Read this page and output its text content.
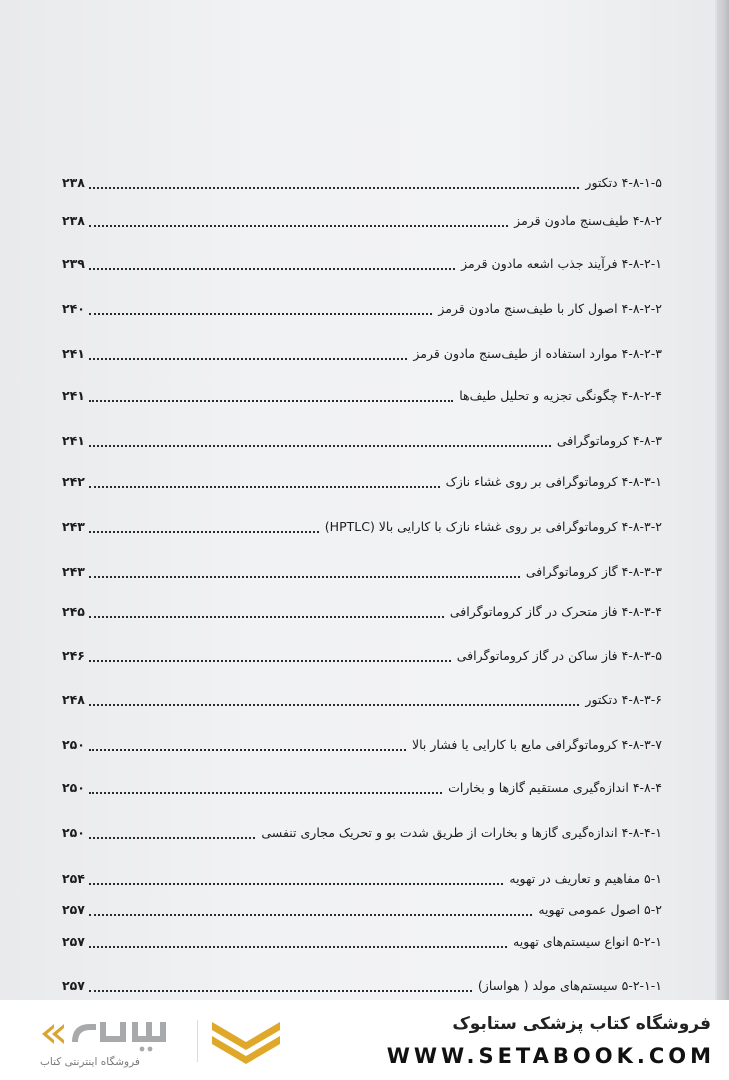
۲۳۸	۴-۸-۱-۵ دتکتور
۲۳۸	۴-۸-۲ طیف‌سنج مادون قرمز
۲۳۹	۴-۸-۲-۱ فرآیند جذب اشعه مادون قرمز
۲۴۰	۴-۸-۲-۲ اصول کار با طیف‌سنج مادون قرمز
۲۴۱	۴-۸-۲-۳ موارد استفاده از طیف‌سنج مادون قرمز
۲۴۱	۴-۸-۲-۴ چگونگی تجزیه و تحلیل طیف‌ها
۲۴۱	۴-۸-۳ کروماتوگرافی
۲۴۲	۴-۸-۳-۱ کروماتوگرافی بر روی غشاء نازک
۲۴۳	۴-۸-۳-۲ کروماتوگرافی بر روی غشاء نازک با کارایی بالا (HPTLC)
۲۴۳	۴-۸-۳-۳ گاز کروماتوگرافی
۲۴۵	۴-۸-۳-۴ فاز متحرک در گاز کروماتوگرافی
۲۴۶	۴-۸-۳-۵ فاز ساکن در گاز کروماتوگرافی
۲۴۸	۴-۸-۳-۶ دتکتور
۲۵۰	۴-۸-۳-۷ کروماتوگرافی مایع با کارایی یا فشار بالا
۲۵۰	۴-۸-۴ اندازه‌گیری مستقیم گازها و بخارات
۲۵۰	۴-۸-۴-۱ اندازه‌گیری گازها و بخارات از طریق شدت بو و تحریک مجاری تنفسی
۲۵۴	۵-۱ مفاهیم و تعاریف در تهویه
۲۵۷	۵-۲ اصول عمومی تهویه
۲۵۷	۵-۲-۱ انواع سیستم‌های تهویه
۲۵۷	۵-۲-۱-۱ سیستم‌های مولد ( هواساز)
فروشگاه اینترنتی کتاب
فروشگاه کتاب پزشکی ستابوک
WWW.SETABOOK.COM
